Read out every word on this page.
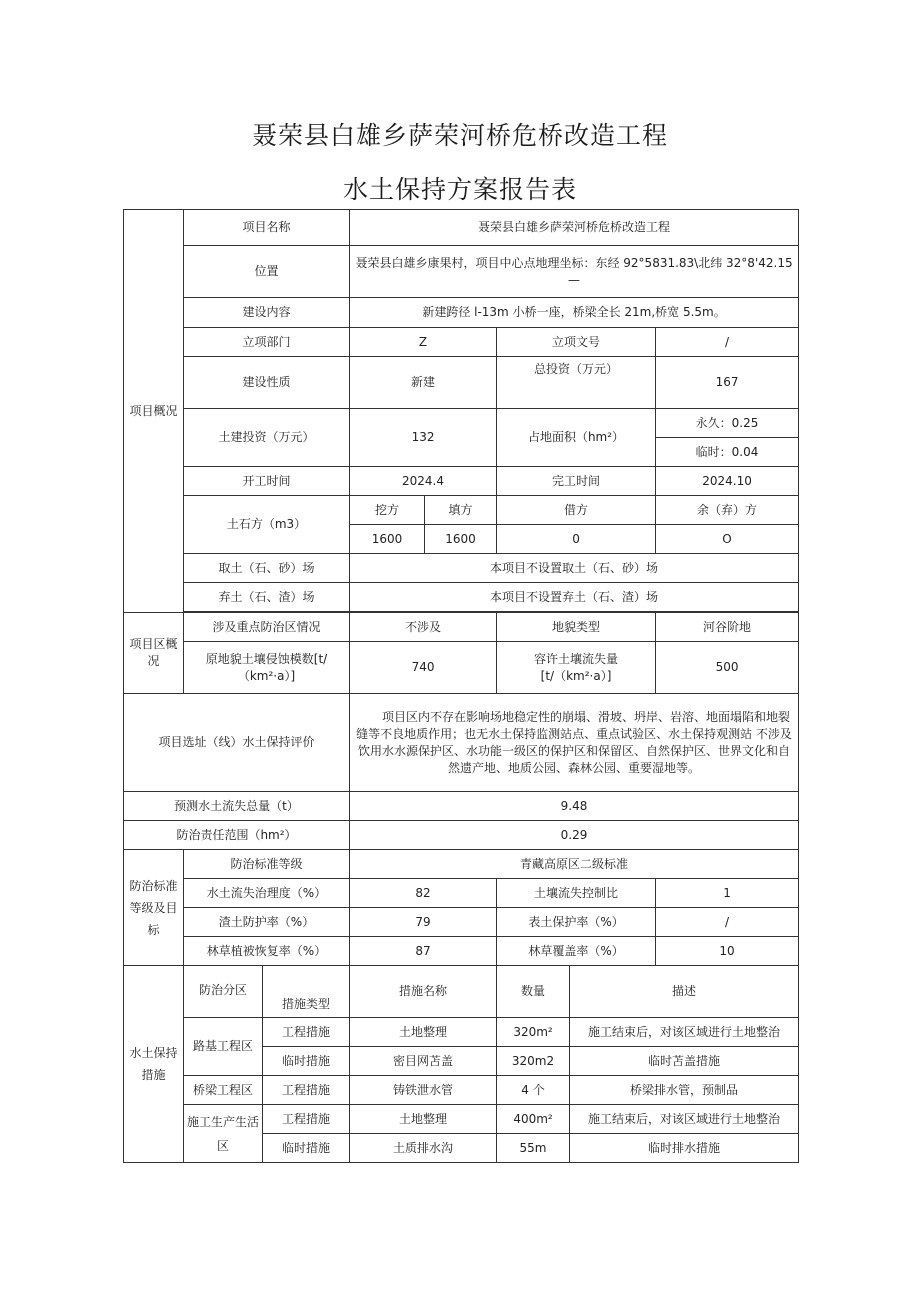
聂荣县白雄乡萨荣河桥危桥改造工程
水土保持方案报告表
项目概况	项目名称		聂荣县白雄乡萨荣河桥危桥改造工程				
	位置		聂荣县白雄乡康果村，项目中心点地理坐标：东经 92°5831.83\北纬 32°8'42.15—				
	建设内容		新建跨径 l-13m 小桥一座，桥梁全长 21m,桥宽 5.5m。				
	立项部门		Z		立项文号		/
	建设性质		新建		总投资（万元）		167
	土建投资（万元）		132		占地面积（hm²）		永久：0.25
							临时：0.04
	开工时间		2024.4		完工时间		2024.10
	土石方（m3）		挖方	填方	借方		余（弃）方
			1600	1600	0		O
	取土（石、砂）场		本项目不设置取土（石、砂）场				
	弃土（石、渣）场		本项目不设置弃土（石、渣）场				

项目区概况	涉及重点防治区情况		不涉及		地貌类型		河谷阶地
	原地貌土壤侵蚀模数[t/（km²·a）]		740		容许土壤流失量
[t/（km²·a）]		500
项目选址（线）水土保持评价			项目区内不存在影响场地稳定性的崩塌、滑坡、坍岸、岩溶、地面塌陷和地裂缝等不良地质作用；也无水土保持监测站点、重点试验区、水土保持观测站 不涉及饮用水水源保护区、水功能一级区的保护区和保留区、自然保护区、世界文化和自然遗产地、地质公园、森林公园、重要湿地等。				
预测水土流失总量（t）			9.48				
防治责任范围（hm²）			0.29				
防治标准等级及目标	防治标准等级		青藏高原区二级标准				
	水土流失治理度（%）		82		土壤流失控制比		1
	渣土防护率（%）		79		表土保护率（%）		/
	林草植被恢复率（%）		87		林草覆盖率（%）		10
水土保持措施	防治分区	措施类型	措施名称		数量	描述	
	路基工程区	工程措施	土地整理		320m²	施工结束后，对该区域进行土地整治	
		临时措施	密目网苫盖		320m2	临时苫盖措施	
	桥梁工程区	工程措施	铸铁泄水管		4 个	桥梁排水管，预制品	
	施工生产生活区	工程措施	土地整理		400m²	施工结束后，对该区域进行土地整治	
		临时措施	土质排水沟		55m	临时排水措施	
